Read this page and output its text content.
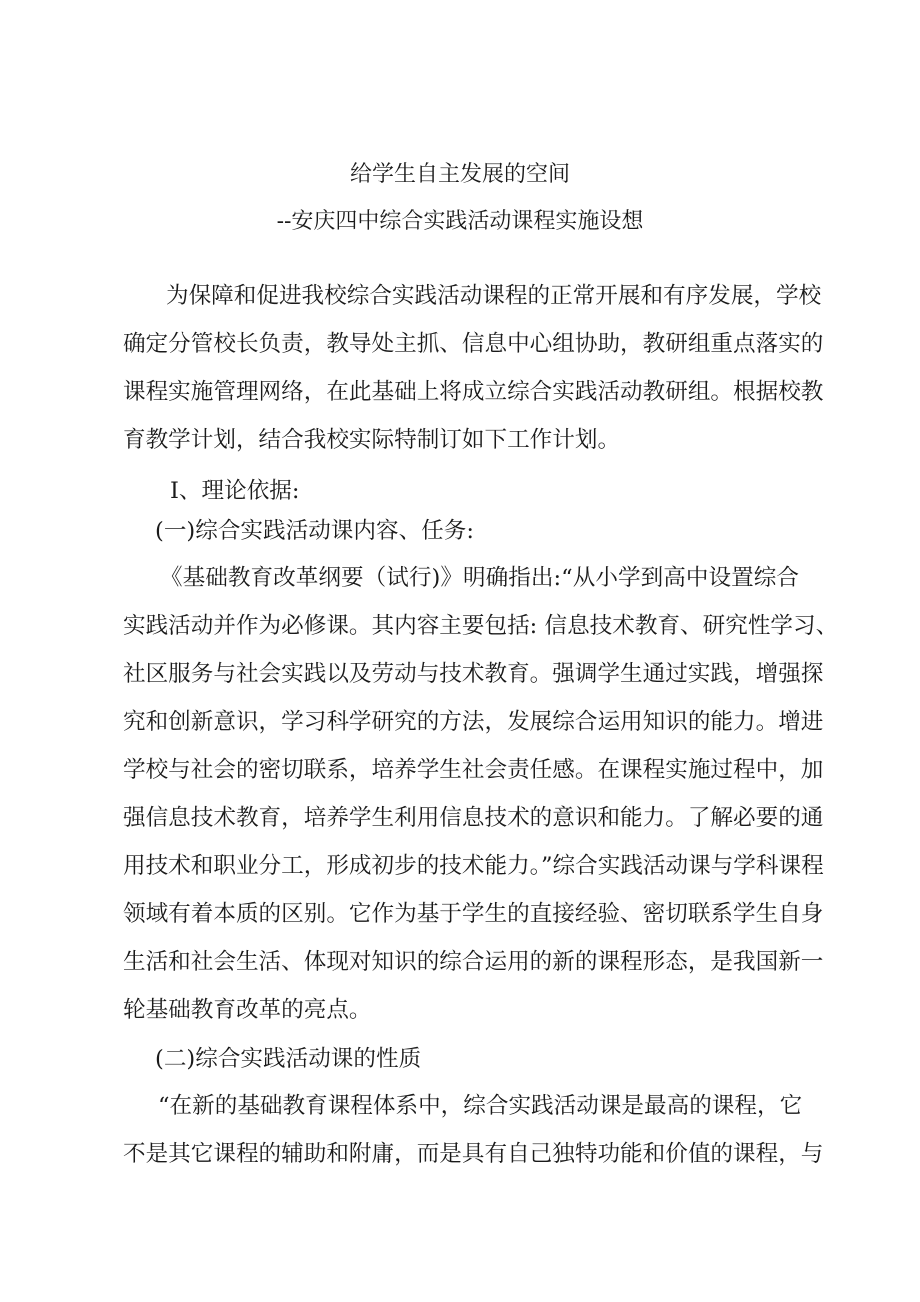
给学生自主发展的空间
--安庆四中综合实践活动课程实施设想
为保障和促进我校综合实践活动课程的正常开展和有序发展，学校
确定分管校长负责，教导处主抓、信息中心组协助，教研组重点落实的
课程实施管理网络，在此基础上将成立综合实践活动教研组。根据校教
育教学计划，结合我校实际特制订如下工作计划。
Ⅰ、理论依据:
(一)综合实践活动课内容、任务:
《基础教育改革纲要（试行)》明确指出:“从小学到高中设置综合
实践活动并作为必修课。其内容主要包括: 信息技术教育、研究性学习、
社区服务与社会实践以及劳动与技术教育。强调学生通过实践，增强探
究和创新意识，学习科学研究的方法，发展综合运用知识的能力。增进
学校与社会的密切联系，培养学生社会责任感。在课程实施过程中，加
强信息技术教育，培养学生利用信息技术的意识和能力。了解必要的通
用技术和职业分工，形成初步的技术能力。”综合实践活动课与学科课程
领域有着本质的区别。它作为基于学生的直接经验、密切联系学生自身
生活和社会生活、体现对知识的综合运用的新的课程形态，是我国新一
轮基础教育改革的亮点。
(二)综合实践活动课的性质
“在新的基础教育课程体系中，综合实践活动课是最高的课程，它
不是其它课程的辅助和附庸，而是具有自己独特功能和价值的课程，与
